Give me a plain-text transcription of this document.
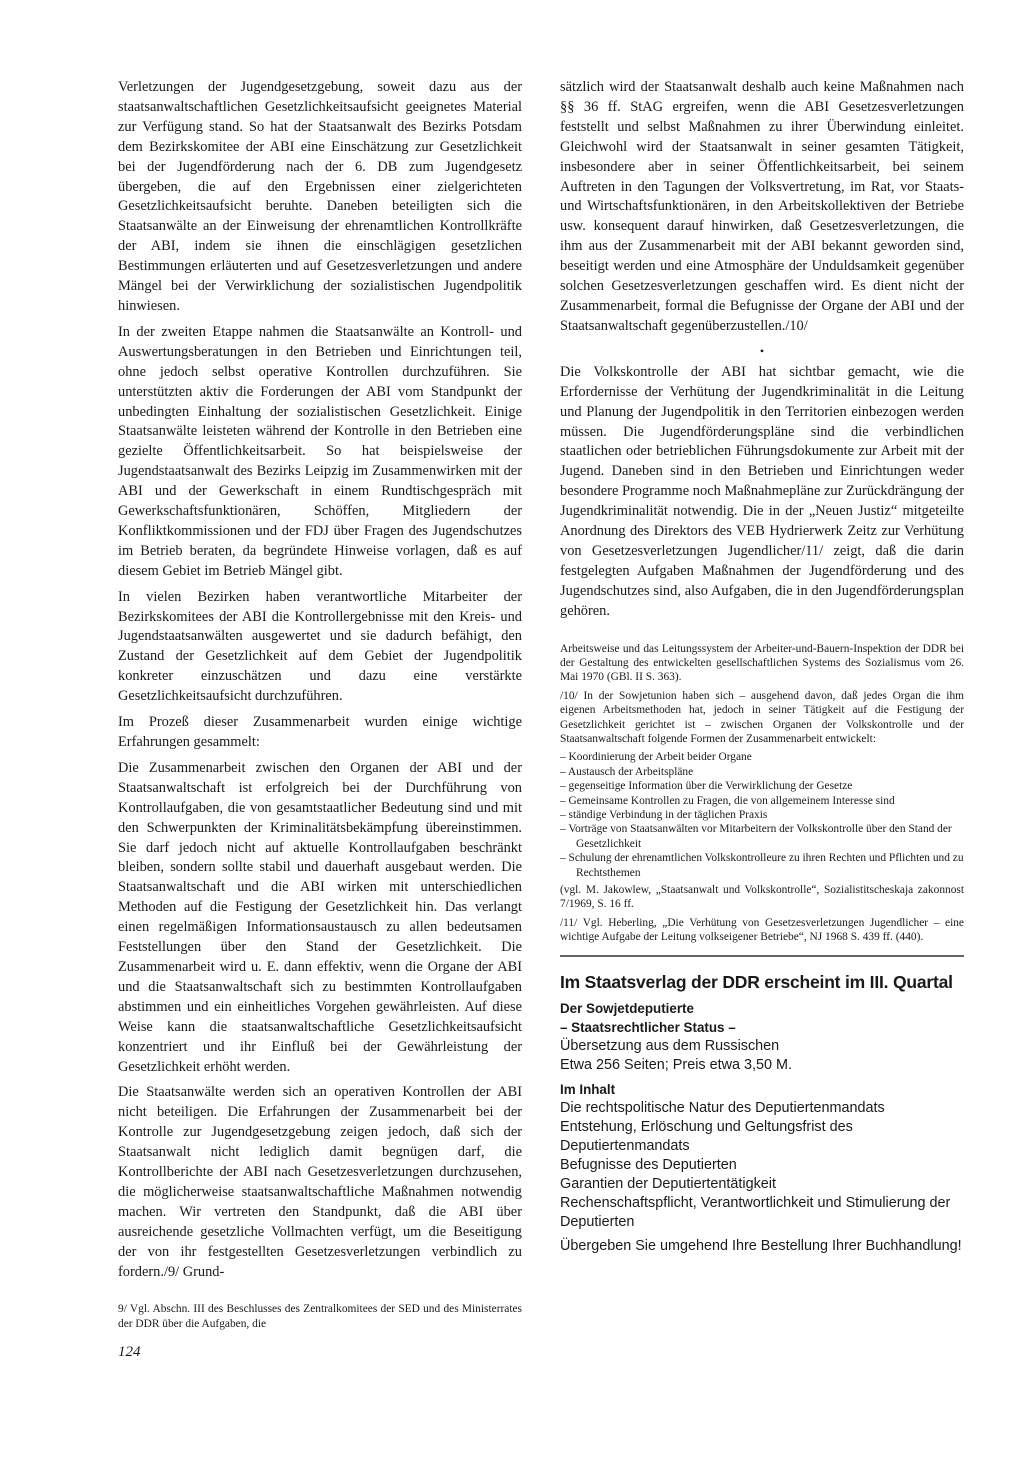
Verletzungen der Jugendgesetzgebung, soweit dazu aus der staatsanwaltschaftlichen Gesetzlichkeitsaufsicht geeignetes Material zur Verfügung stand. So hat der Staatsanwalt des Bezirks Potsdam dem Bezirkskomitee der ABI eine Einschätzung zur Gesetzlichkeit bei der Jugendförderung nach der 6. DB zum Jugendgesetz übergeben, die auf den Ergebnissen einer zielgerichteten Gesetzlichkeitsaufsicht beruhte. Daneben beteiligten sich die Staatsanwälte an der Einweisung der ehrenamtlichen Kontrollkräfte der ABI, indem sie ihnen die einschlägigen gesetzlichen Bestimmungen erläuterten und auf Gesetzesverletzungen und andere Mängel bei der Verwirklichung der sozialistischen Jugendpolitik hinwiesen.

In der zweiten Etappe nahmen die Staatsanwälte an Kontroll- und Auswertungsberatungen in den Betrieben und Einrichtungen teil, ohne jedoch selbst operative Kontrollen durchzuführen. Sie unterstützten aktiv die Forderungen der ABI vom Standpunkt der unbedingten Einhaltung der sozialistischen Gesetzlichkeit. Einige Staatsanwälte leisteten während der Kontrolle in den Betrieben eine gezielte Öffentlichkeitsarbeit. So hat beispielsweise der Jugendstaatsanwalt des Bezirks Leipzig im Zusammenwirken mit der ABI und der Gewerkschaft in einem Rundtischgespräch mit Gewerkschaftsfunktionären, Schöffen, Mitgliedern der Konfliktkommissionen und der FDJ über Fragen des Jugendschutzes im Betrieb beraten, da begründete Hinweise vorlagen, daß es auf diesem Gebiet im Betrieb Mängel gibt.

In vielen Bezirken haben verantwortliche Mitarbeiter der Bezirkskomitees der ABI die Kontrollergebnisse mit den Kreis- und Jugendstaatsanwälten ausgewertet und sie dadurch befähigt, den Zustand der Gesetzlichkeit auf dem Gebiet der Jugendpolitik konkreter einzuschätzen und dazu eine verstärkte Gesetzlichkeitsaufsicht durchzuführen.

Im Prozeß dieser Zusammenarbeit wurden einige wichtige Erfahrungen gesammelt:

Die Zusammenarbeit zwischen den Organen der ABI und der Staatsanwaltschaft ist erfolgreich bei der Durchführung von Kontrollaufgaben, die von gesamtstaatlicher Bedeutung sind und mit den Schwerpunkten der Kriminalitätsbekämpfung übereinstimmen. Sie darf jedoch nicht auf aktuelle Kontrollaufgaben beschränkt bleiben, sondern sollte stabil und dauerhaft ausgebaut werden. Die Staatsanwaltschaft und die ABI wirken mit unterschiedlichen Methoden auf die Festigung der Gesetzlichkeit hin. Das verlangt einen regelmäßigen Informationsaustausch zu allen bedeutsamen Feststellungen über den Stand der Gesetzlichkeit. Die Zusammenarbeit wird u. E. dann effektiv, wenn die Organe der ABI und die Staatsanwaltschaft sich zu bestimmten Kontrollaufgaben abstimmen und ein einheitliches Vorgehen gewährleisten. Auf diese Weise kann die staatsanwaltschaftliche Gesetzlichkeitsaufsicht konzentriert und ihr Einfluß bei der Gewährleistung der Gesetzlichkeit erhöht werden.

Die Staatsanwälte werden sich an operativen Kontrollen der ABI nicht beteiligen. Die Erfahrungen der Zusammenarbeit bei der Kontrolle zur Jugendgesetzgebung zeigen jedoch, daß sich der Staatsanwalt nicht lediglich damit begnügen darf, die Kontrollberichte der ABI nach Gesetzesverletzungen durchzusehen, die möglicherweise staatsanwaltschaftliche Maßnahmen notwendig machen. Wir vertreten den Standpunkt, daß die ABI über ausreichende gesetzliche Vollmachten verfügt, um die Beseitigung der von ihr festgestellten Gesetzesverletzungen verbindlich zu fordern./9/ Grund-

9/ Vgl. Abschn. III des Beschlusses des Zentralkomitees der SED und des Ministerrates der DDR über die Aufgaben, die

sätzlich wird der Staatsanwalt deshalb auch keine Maßnahmen nach §§ 36 ff. StAG ergreifen, wenn die ABI Gesetzesverletzungen feststellt und selbst Maßnahmen zu ihrer Überwindung einleitet. Gleichwohl wird der Staatsanwalt in seiner gesamten Tätigkeit, insbesondere aber in seiner Öffentlichkeitsarbeit, bei seinem Auftreten in den Tagungen der Volksvertretung, im Rat, vor Staats- und Wirtschaftsfunktionären, in den Arbeitskollektiven der Betriebe usw. konsequent darauf hinwirken, daß Gesetzesverletzungen, die ihm aus der Zusammenarbeit mit der ABI bekannt geworden sind, beseitigt werden und eine Atmosphäre der Unduldsamkeit gegenüber solchen Gesetzesverletzungen geschaffen wird. Es dient nicht der Zusammenarbeit, formal die Befugnisse der Organe der ABI und der Staatsanwaltschaft gegenüberzustellen./10/

•

Die Volkskontrolle der ABI hat sichtbar gemacht, wie die Erfordernisse der Verhütung der Jugendkriminalität in die Leitung und Planung der Jugendpolitik in den Territorien einbezogen werden müssen. Die Jugendförderungspläne sind die verbindlichen staatlichen oder betrieblichen Führungsdokumente zur Arbeit mit der Jugend. Daneben sind in den Betrieben und Einrichtungen weder besondere Programme noch Maßnahmepläne zur Zurückdrängung der Jugendkriminalität notwendig. Die in der „Neuen Justiz“ mitgeteilte Anordnung des Direktors des VEB Hydrierwerk Zeitz zur Verhütung von Gesetzesverletzungen Jugendlicher/11/ zeigt, daß die darin festgelegten Aufgaben Maßnahmen der Jugendförderung und des Jugendschutzes sind, also Aufgaben, die in den Jugendförderungsplan gehören.

Arbeitsweise und das Leitungssystem der Arbeiter-und-Bauern-Inspektion der DDR bei der Gestaltung des entwickelten gesellschaftlichen Systems des Sozialismus vom 26. Mai 1970 (GBl. II S. 363).

/10/ In der Sowjetunion haben sich – ausgehend davon, daß jedes Organ die ihm eigenen Arbeitsmethoden hat, jedoch in seiner Tätigkeit auf die Festigung der Gesetzlichkeit gerichtet ist – zwischen Organen der Volkskontrolle und der Staatsanwaltschaft folgende Formen der Zusammenarbeit entwickelt:

– Koordinierung der Arbeit beider Organe
– Austausch der Arbeitspläne
– gegenseitige Information über die Verwirklichung der Gesetze
– Gemeinsame Kontrollen zu Fragen, die von allgemeinem Interesse sind
– ständige Verbindung in der täglichen Praxis
– Vorträge von Staatsanwälten vor Mitarbeitern der Volkskontrolle über den Stand der Gesetzlichkeit
– Schulung der ehrenamtlichen Volkskontrolleure zu ihren Rechten und Pflichten und zu Rechtsthemen

(vgl. M. Jakowlew, „Staatsanwalt und Volkskontrolle“, Sozialistitscheskaja zakonnost 7/1969, S. 16 ff.

/11/ Vgl. Heberling, „Die Verhütung von Gesetzesverletzungen Jugendlicher – eine wichtige Aufgabe der Leitung volkseigener Betriebe“, NJ 1968 S. 439 ff. (440).

Im Staatsverlag der DDR erscheint im III. Quartal

Der Sowjetdeputierte

– Staatsrechtlicher Status –

Übersetzung aus dem Russischen

Etwa 256 Seiten; Preis etwa 3,50 M.

Im Inhalt

Die rechtspolitische Natur des Deputiertenmandats

Entstehung, Erlöschung und Geltungsfrist des Deputiertenmandats

Befugnisse des Deputierten

Garantien der Deputiertentätigkeit

Rechenschaftspflicht, Verantwortlichkeit und Stimulierung der Deputierten

Übergeben Sie umgehend Ihre Bestellung Ihrer Buchhandlung!

124
